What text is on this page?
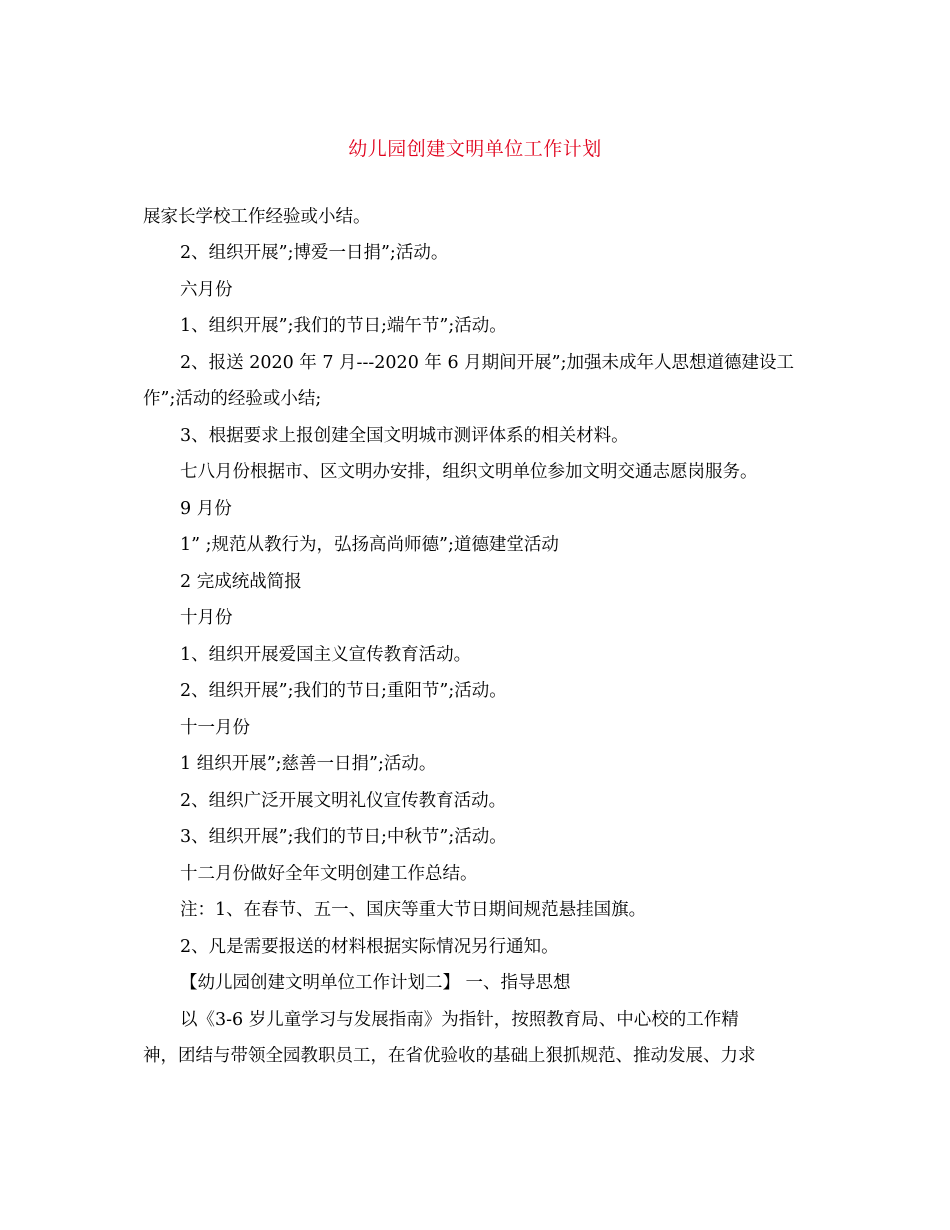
幼儿园创建文明单位工作计划
展家长学校工作经验或小结。
2、组织开展”;博爱一日捐”;活动。
六月份
1、组织开展”;我们的节日;端午节”;活动。
2、报送 2020 年 7 月---2020 年 6 月期间开展”;加强未成年人思想道德建设工
作”;活动的经验或小结;
3、根据要求上报创建全国文明城市测评体系的相关材料。
七八月份根据市、区文明办安排，组织文明单位参加文明交通志愿岗服务。
9 月份
1” ;规范从教行为，弘扬高尚师德”;道德建堂活动
2 完成统战简报
十月份
1、组织开展爱国主义宣传教育活动。
2、组织开展”;我们的节日;重阳节”;活动。
十一月份
1 组织开展”;慈善一日捐”;活动。
2、组织广泛开展文明礼仪宣传教育活动。
3、组织开展”;我们的节日;中秋节”;活动。
十二月份做好全年文明创建工作总结。
注：1、在春节、五一、国庆等重大节日期间规范悬挂国旗。
2、凡是需要报送的材料根据实际情况另行通知。
【幼儿园创建文明单位工作计划二】 一、指导思想
以《3-6 岁儿童学习与发展指南》为指针，按照教育局、中心校的工作精
神，团结与带领全园教职员工，在省优验收的基础上狠抓规范、推动发展、力求
